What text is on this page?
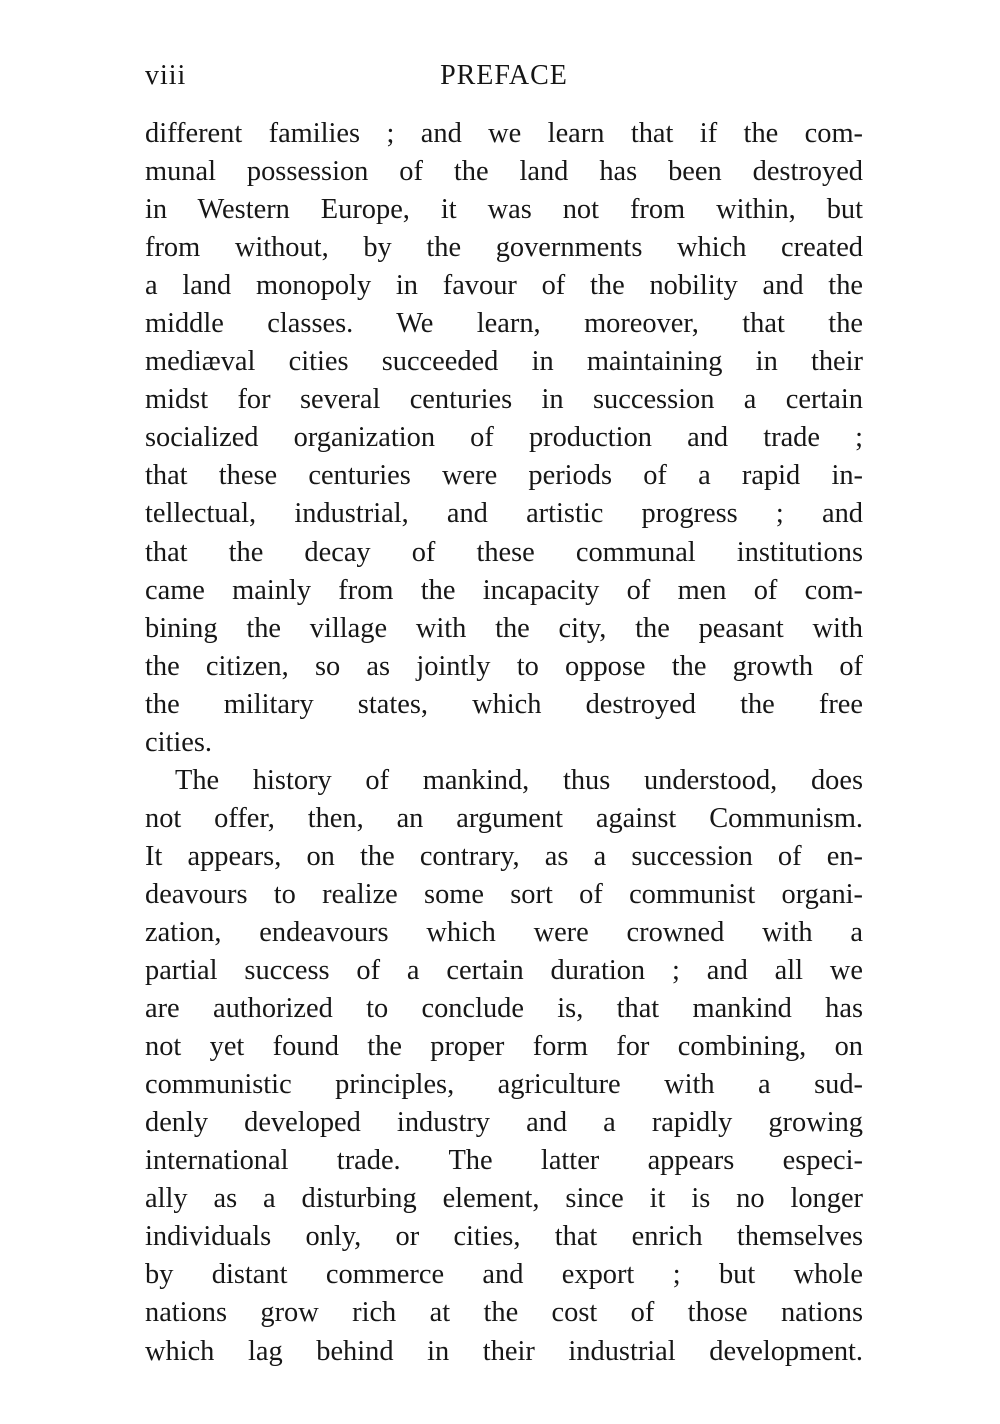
viii	PREFACE
different families ; and we learn that if the com-
munal possession of the land has been destroyed
in Western Europe, it was not from within, but
from without, by the governments which created
a land monopoly in favour of the nobility and the
middle classes. We learn, moreover, that the
mediæval cities succeeded in maintaining in their
midst for several centuries in succession a certain
socialized organization of production and trade ;
that these centuries were periods of a rapid in-
tellectual, industrial, and artistic progress ; and
that the decay of these communal institutions
came mainly from the incapacity of men of com-
bining the village with the city, the peasant with
the citizen, so as jointly to oppose the growth of
the military states, which destroyed the free
cities.
The history of mankind, thus understood, does
not offer, then, an argument against Communism.
It appears, on the contrary, as a succession of en-
deavours to realize some sort of communist organi-
zation, endeavours which were crowned with a
partial success of a certain duration ; and all we
are authorized to conclude is, that mankind has
not yet found the proper form for combining, on
communistic principles, agriculture with a sud-
denly developed industry and a rapidly growing
international trade. The latter appears especi-
ally as a disturbing element, since it is no longer
individuals only, or cities, that enrich themselves
by distant commerce and export ; but whole
nations grow rich at the cost of those nations
which lag behind in their industrial development.
